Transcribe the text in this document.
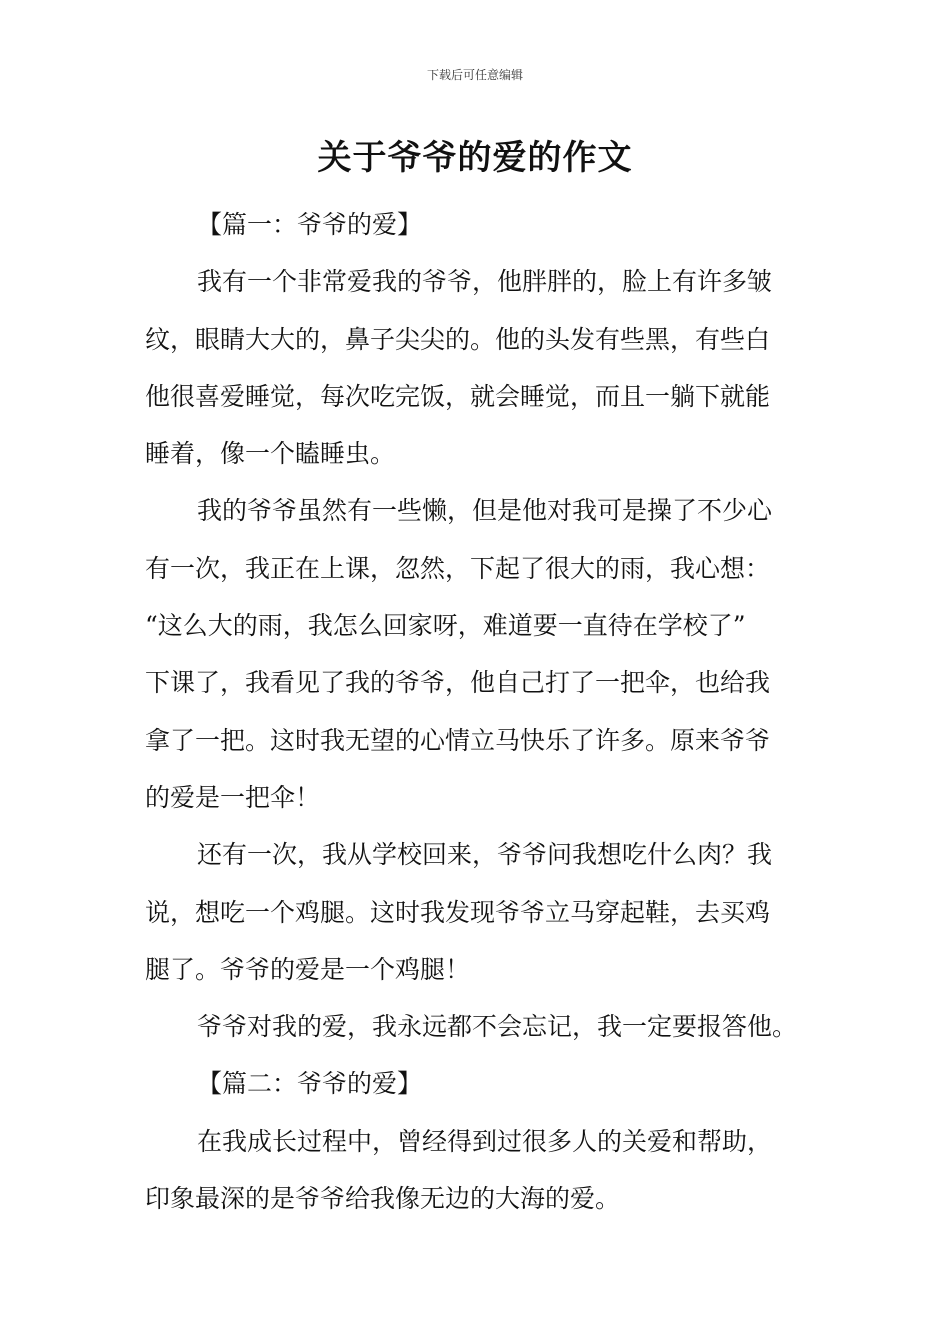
下载后可任意编辑
关于爷爷的爱的作文
【篇一：爷爷的爱】
我有一个非常爱我的爷爷，他胖胖的，脸上有许多皱
纹，眼睛大大的，鼻子尖尖的。他的头发有些黑，有些白
他很喜爱睡觉，每次吃完饭，就会睡觉，而且一躺下就能
睡着，像一个瞌睡虫。
我的爷爷虽然有一些懒，但是他对我可是操了不少心
有一次，我正在上课，忽然，下起了很大的雨，我心想：
“这么大的雨，我怎么回家呀，难道要一直待在学校了”
下课了，我看见了我的爷爷，他自己打了一把伞，也给我
拿了一把。这时我无望的心情立马快乐了许多。原来爷爷
的爱是一把伞！
还有一次，我从学校回来，爷爷问我想吃什么肉？我
说，想吃一个鸡腿。这时我发现爷爷立马穿起鞋，去买鸡
腿了。爷爷的爱是一个鸡腿！
爷爷对我的爱，我永远都不会忘记，我一定要报答他。
【篇二：爷爷的爱】
在我成长过程中，曾经得到过很多人的关爱和帮助，
印象最深的是爷爷给我像无边的大海的爱。
